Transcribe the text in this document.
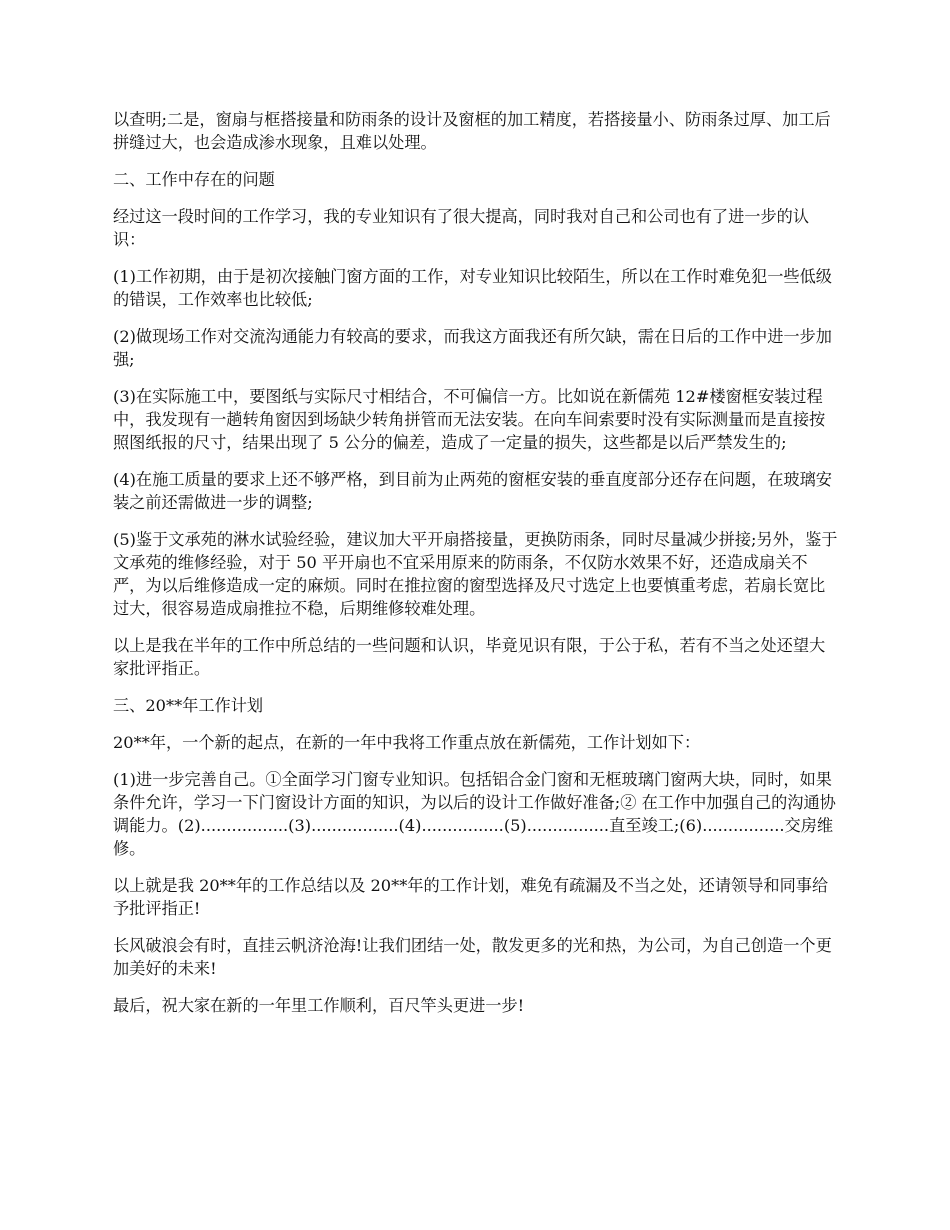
以查明;二是，窗扇与框搭接量和防雨条的设计及窗框的加工精度，若搭接量小、防雨条过厚、加工后拼缝过大，也会造成渗水现象，且难以处理。

二、工作中存在的问题

经过这一段时间的工作学习，我的专业知识有了很大提高，同时我对自己和公司也有了进一步的认识：

(1)工作初期，由于是初次接触门窗方面的工作，对专业知识比较陌生，所以在工作时难免犯一些低级的错误，工作效率也比较低;

(2)做现场工作对交流沟通能力有较高的要求，而我这方面我还有所欠缺，需在日后的工作中进一步加强;

(3)在实际施工中，要图纸与实际尺寸相结合，不可偏信一方。比如说在新儒苑 12#楼窗框安装过程中，我发现有一趟转角窗因到场缺少转角拼管而无法安装。在向车间索要时没有实际测量而是直接按照图纸报的尺寸，结果出现了 5 公分的偏差，造成了一定量的损失，这些都是以后严禁发生的;

(4)在施工质量的要求上还不够严格，到目前为止两苑的窗框安装的垂直度部分还存在问题，在玻璃安装之前还需做进一步的调整;

(5)鉴于文承苑的淋水试验经验，建议加大平开扇搭接量，更换防雨条，同时尽量减少拼接;另外，鉴于文承苑的维修经验，对于 50 平开扇也不宜采用原来的防雨条，不仅防水效果不好，还造成扇关不严，为以后维修造成一定的麻烦。同时在推拉窗的窗型选择及尺寸选定上也要慎重考虑，若扇长宽比过大，很容易造成扇推拉不稳，后期维修较难处理。

以上是我在半年的工作中所总结的一些问题和认识，毕竟见识有限，于公于私，若有不当之处还望大家批评指正。

三、20**年工作计划

20**年，一个新的起点，在新的一年中我将工作重点放在新儒苑，工作计划如下：

(1)进一步完善自己。①全面学习门窗专业知识。包括铝合金门窗和无框玻璃门窗两大块，同时，如果条件允许，学习一下门窗设计方面的知识，为以后的设计工作做好准备;② 在工作中加强自己的沟通协调能力。(2).................(3).................(4)................(5)................直至竣工;(6)................交房维修。

以上就是我 20**年的工作总结以及 20**年的工作计划，难免有疏漏及不当之处，还请领导和同事给予批评指正!

长风破浪会有时，直挂云帆济沧海!让我们团结一处，散发更多的光和热，为公司，为自己创造一个更加美好的未来!

最后，祝大家在新的一年里工作顺利，百尺竿头更进一步!
